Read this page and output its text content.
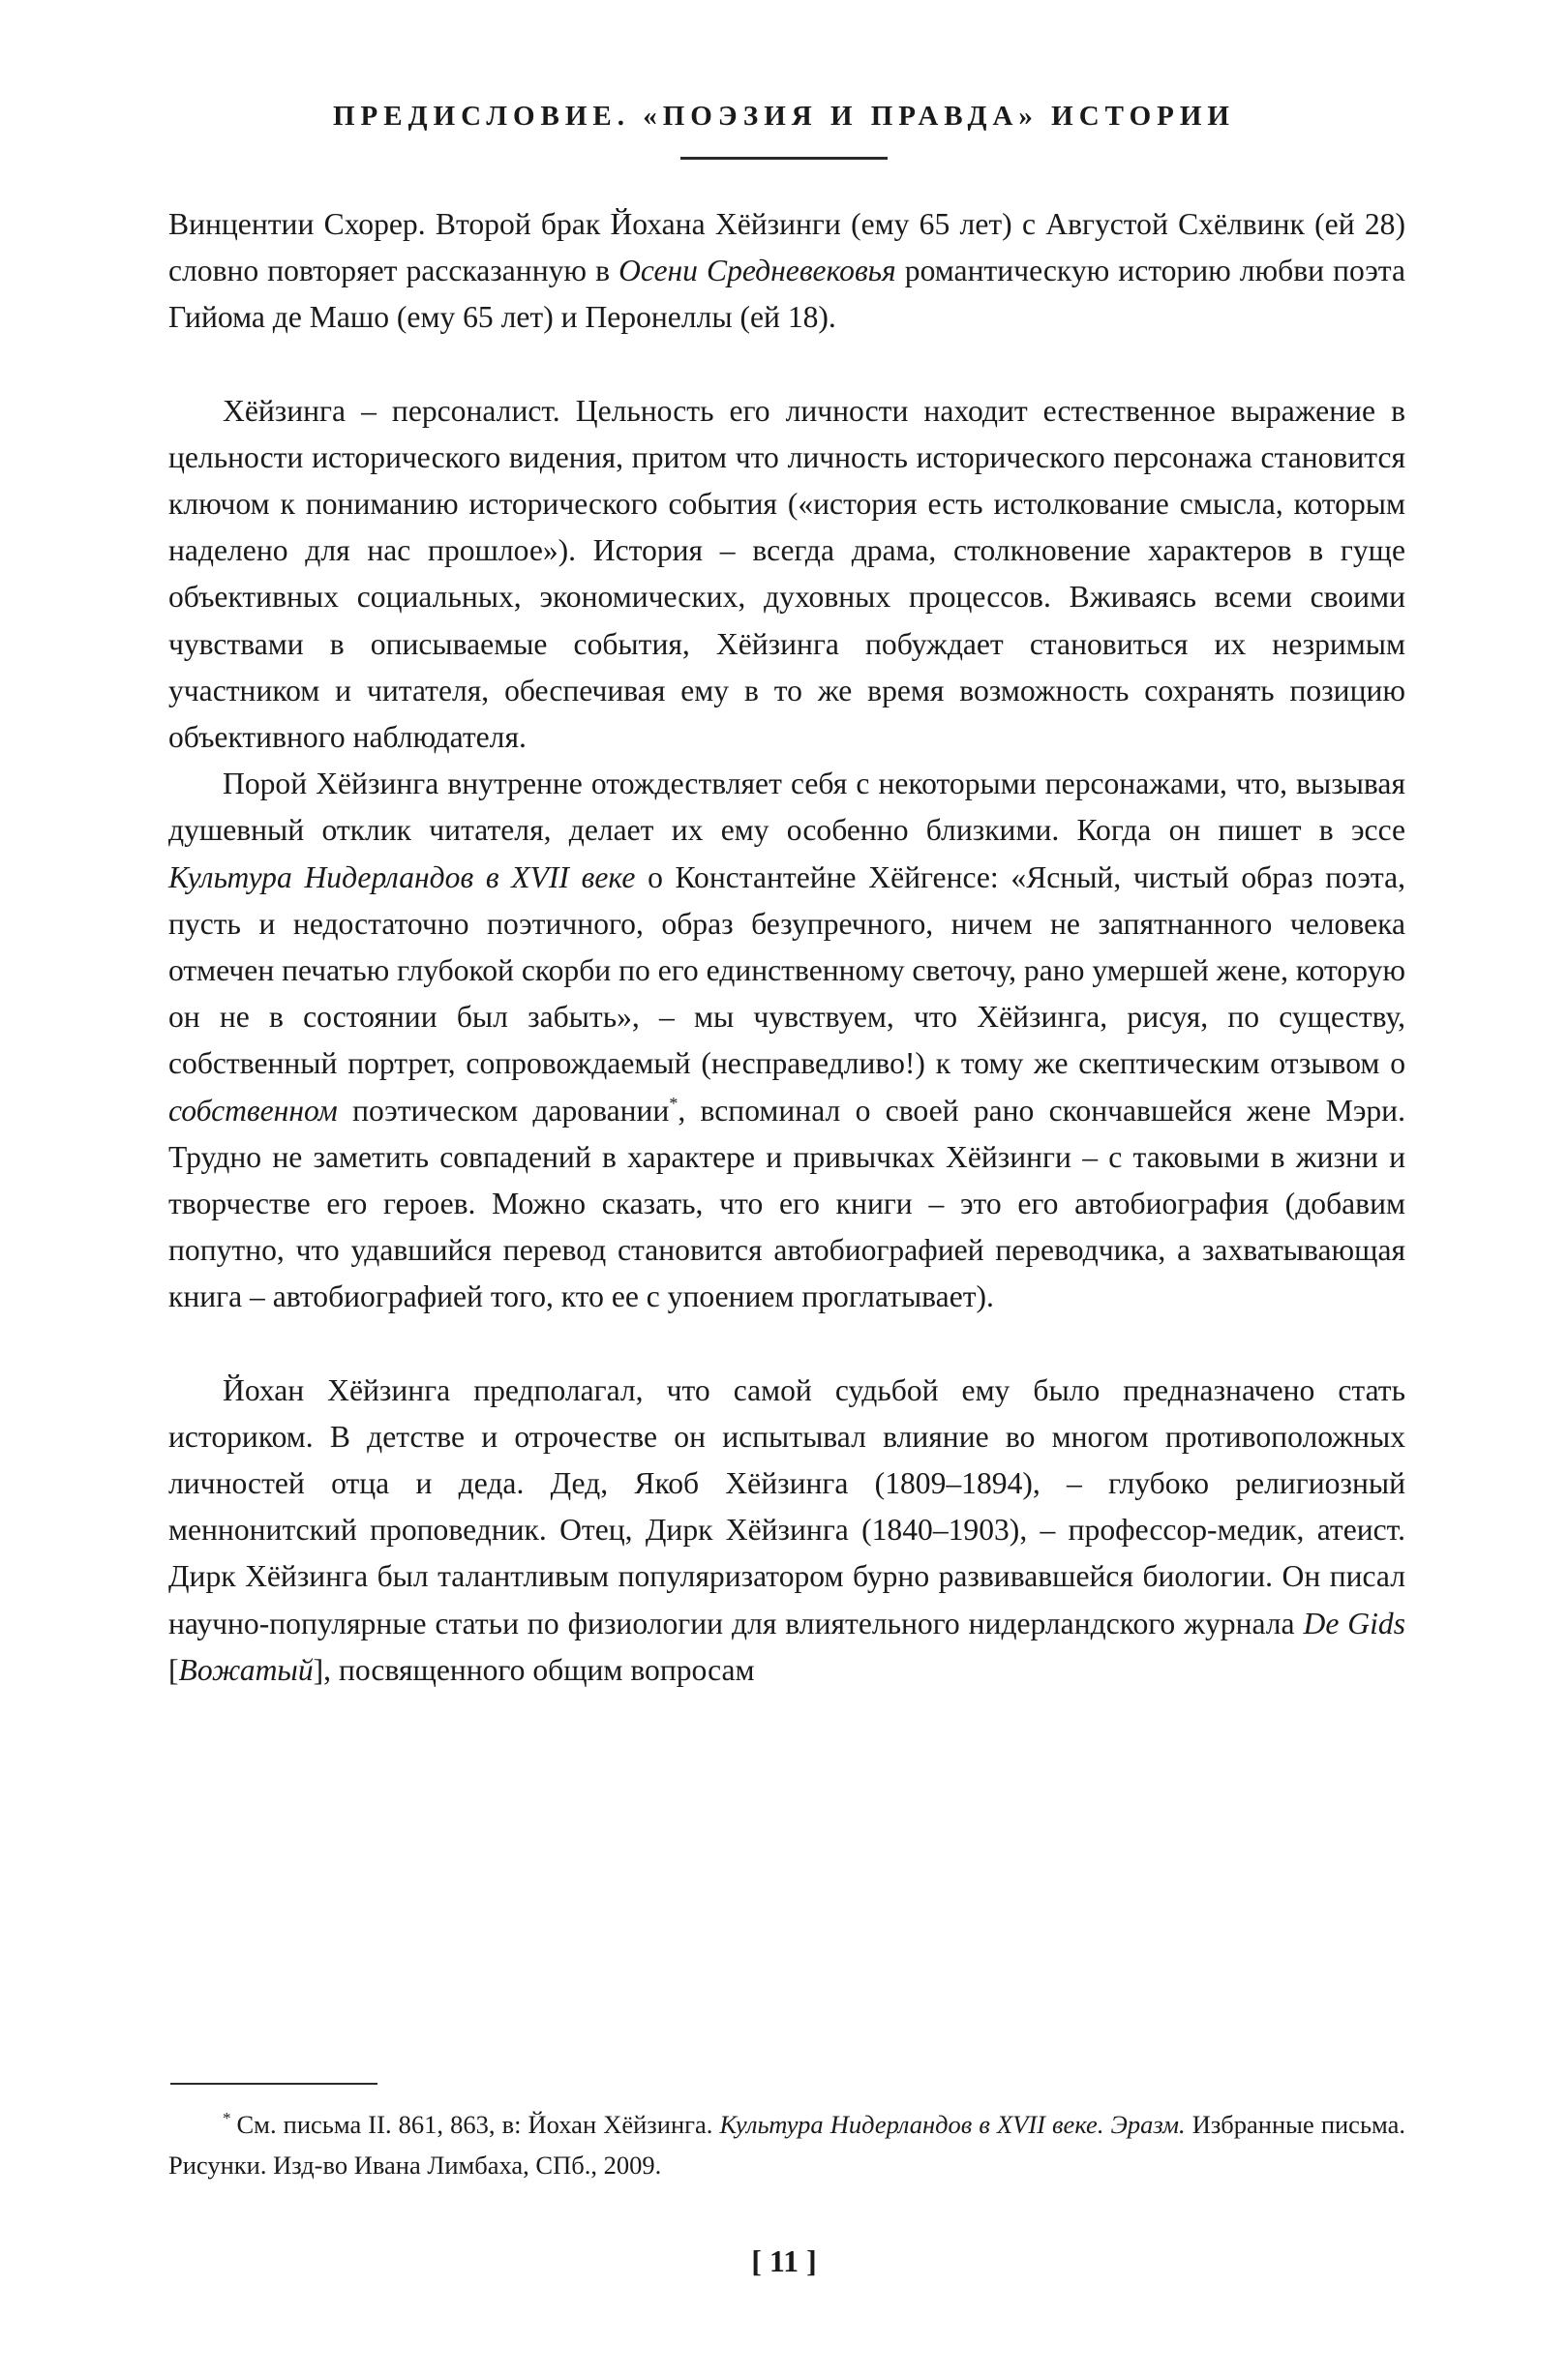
ПРЕДИСЛОВИЕ. «ПОЭЗИЯ И ПРАВДА» ИСТОРИИ

Винцентии Схорер. Второй брак Йохана Хёйзинги (ему 65 лет) с Августой Схёлвинк (ей 28) словно повторяет рассказанную в Осени Средневековья романтическую историю любви поэта Гийома де Машо (ему 65 лет) и Перонеллы (ей 18).

Хёйзинга – персоналист. Цельность его личности находит естественное выражение в цельности исторического видения, притом что личность исторического персонажа становится ключом к пониманию исторического события («история есть истолкование смысла, которым наделено для нас прошлое»). История – всегда драма, столкновение характеров в гуще объективных социальных, экономических, духовных процессов. Вживаясь всеми своими чувствами в описываемые события, Хёйзинга побуждает становиться их незримым участником и читателя, обеспечивая ему в то же время возможность сохранять позицию объективного наблюдателя.

Порой Хёйзинга внутренне отождествляет себя с некоторыми персонажами, что, вызывая душевный отклик читателя, делает их ему особенно близкими. Когда он пишет в эссе Культура Нидерландов в XVII веке о Константейне Хёйгенсе: «Ясный, чистый образ поэта, пусть и недостаточно поэтичного, образ безупречного, ничем не запятнанного человека отмечен печатью глубокой скорби по его единственному светочу, рано умершей жене, которую он не в состоянии был забыть», – мы чувствуем, что Хёйзинга, рисуя, по существу, собственный портрет, сопровождаемый (несправедливо!) к тому же скептическим отзывом о собственном поэтическом даровании*, вспоминал о своей рано скончавшейся жене Мэри. Трудно не заметить совпадений в характере и привычках Хёйзинги – с таковыми в жизни и творчестве его героев. Можно сказать, что его книги – это его автобиография (добавим попутно, что удавшийся перевод становится автобиографией переводчика, а захватывающая книга – автобиографией того, кто ее с упоением проглатывает).

Йохан Хёйзинга предполагал, что самой судьбой ему было предназначено стать историком. В детстве и отрочестве он испытывал влияние во многом противоположных личностей отца и деда. Дед, Якоб Хёйзинга (1809–1894), – глубоко религиозный меннонитский проповедник. Отец, Дирк Хёйзинга (1840–1903), – профессор-медик, атеист. Дирк Хёйзинга был талантливым популяризатором бурно развивавшейся биологии. Он писал научно-популярные статьи по физиологии для влиятельного нидерландского журнала De Gids [Вожатый], посвященного общим вопросам

* См. письма II. 861, 863, в: Йохан Хёйзинга. Культура Нидерландов в XVII веке. Эразм. Избранные письма. Рисунки. Изд-во Ивана Лимбаха, СПб., 2009.
[ 11 ]
